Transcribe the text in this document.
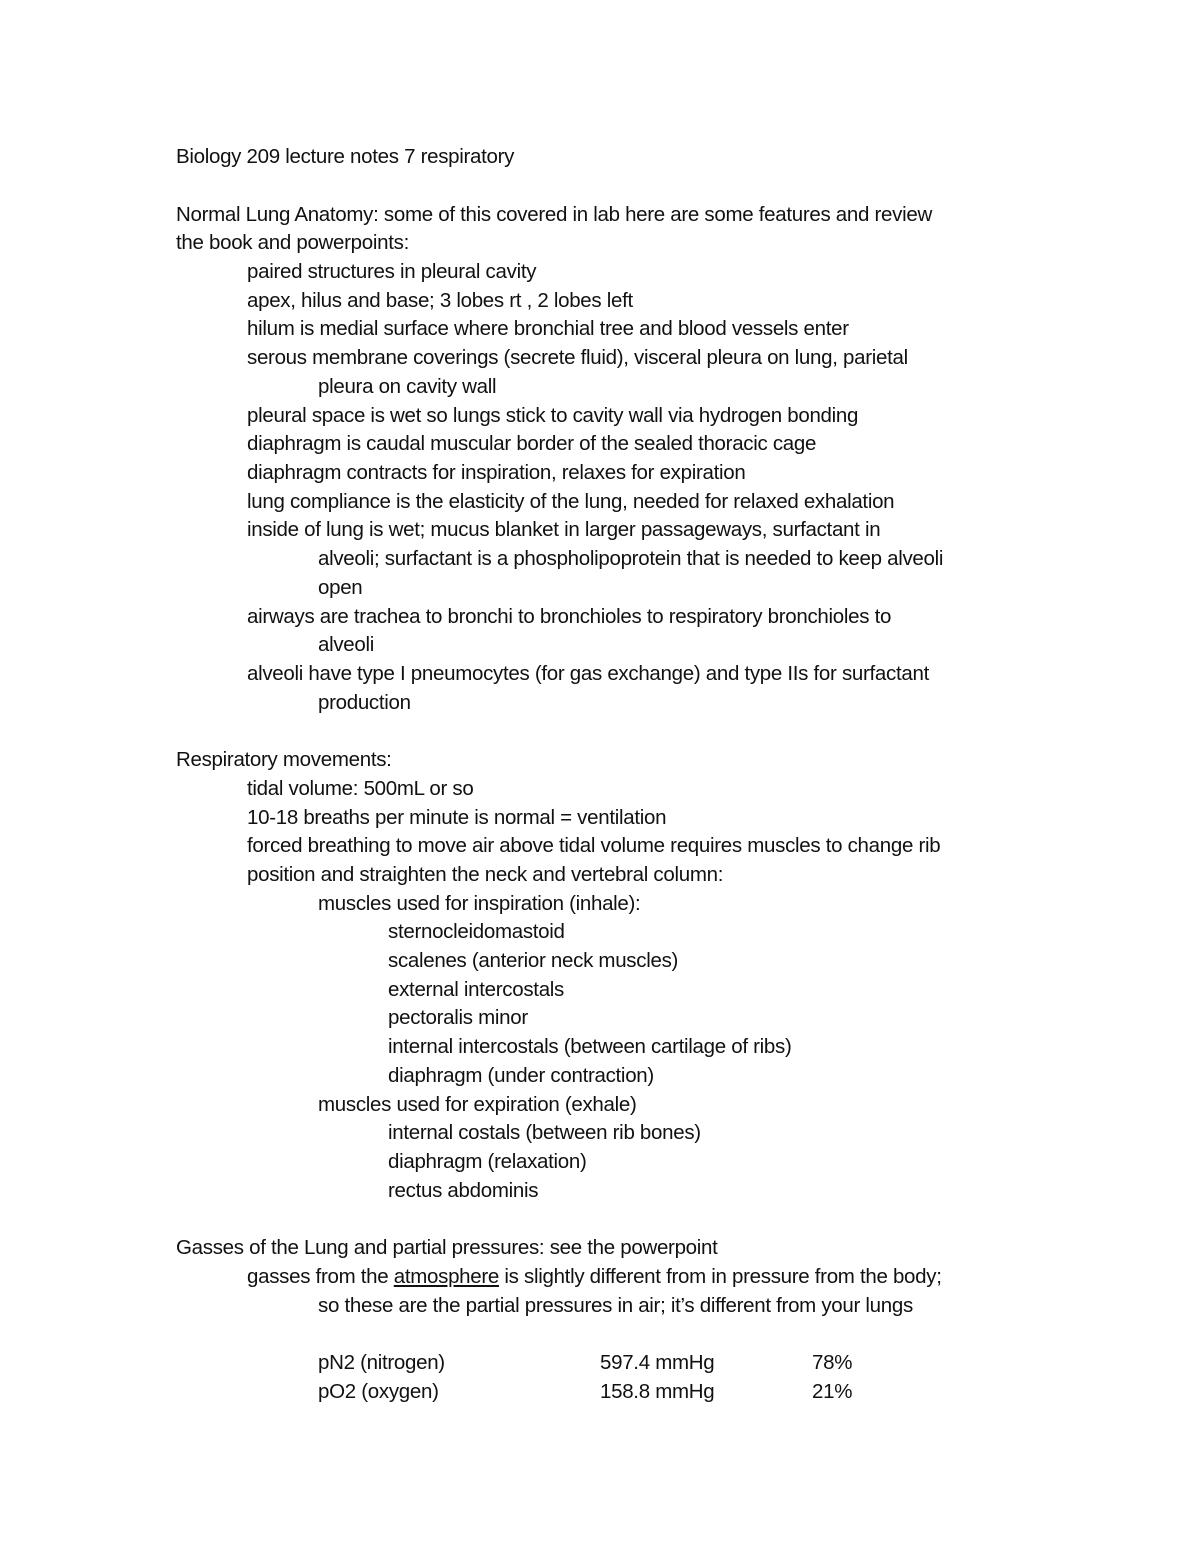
Biology 209 lecture notes 7 respiratory
Normal Lung Anatomy: some of this covered in lab here are some features and review
the book and powerpoints:
paired structures in pleural cavity
apex, hilus and base; 3 lobes rt , 2 lobes left
hilum is medial surface where bronchial tree and blood vessels enter
serous membrane coverings (secrete fluid), visceral pleura on lung, parietal
pleura on cavity wall
pleural space is wet so lungs stick to cavity wall via hydrogen bonding
diaphragm is caudal muscular border of the sealed thoracic cage
diaphragm contracts for inspiration, relaxes for expiration
lung compliance is the elasticity of the lung, needed for relaxed exhalation
inside of lung is wet; mucus blanket in larger passageways, surfactant in
alveoli; surfactant is a phospholipoprotein that is needed to keep alveoli
open
airways are trachea to bronchi to bronchioles to respiratory bronchioles to
alveoli
alveoli have type I pneumocytes (for gas exchange) and type IIs for surfactant
production
Respiratory movements:
tidal volume: 500mL or so
10-18 breaths per minute is normal = ventilation
forced breathing to move air above tidal volume requires muscles to change rib
position and straighten the neck and vertebral column:
muscles used for inspiration (inhale):
sternocleidomastoid
scalenes (anterior neck muscles)
external intercostals
pectoralis minor
internal intercostals (between cartilage of ribs)
diaphragm (under contraction)
muscles used for expiration (exhale)
internal costals (between rib bones)
diaphragm (relaxation)
rectus abdominis
Gasses of the Lung and partial pressures: see the powerpoint
gasses from the atmosphere is slightly different from in pressure from the body;
so these are the partial pressures in air; it’s different from your lungs
pN2 (nitrogen)	597.4 mmHg	78%
pO2 (oxygen)	158.8 mmHg	21%
